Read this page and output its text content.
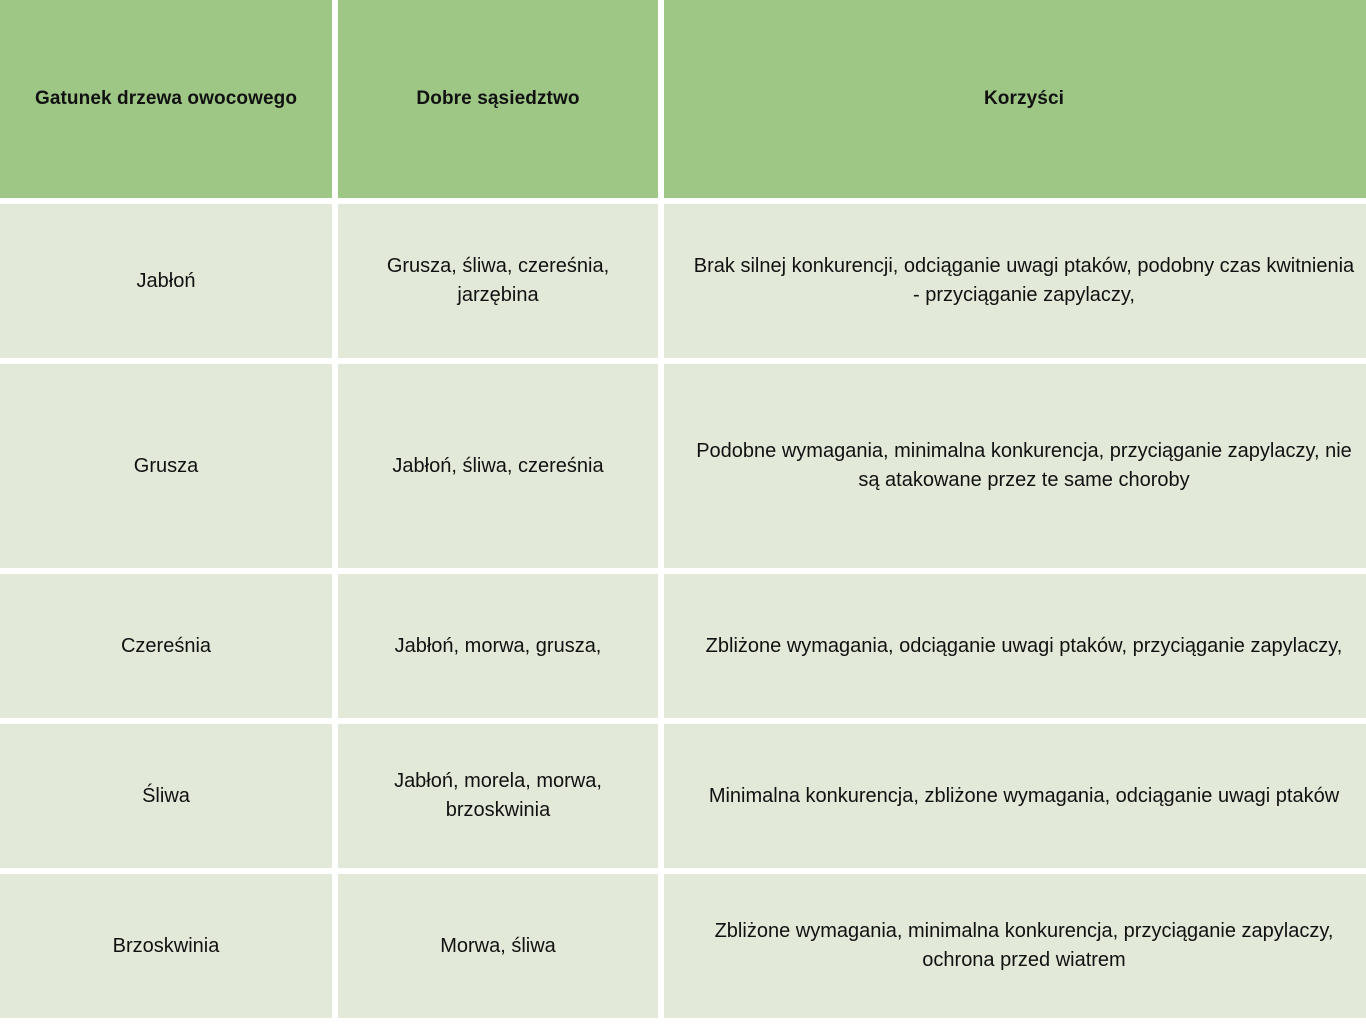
Gatunek drzewa owocowego	Dobre sąsiedztwo	Korzyści

Jabłoń	Grusza, śliwa, czereśnia, jarzębina	Brak silnej konkurencji, odciąganie uwagi ptaków, podobny czas kwitnienia - przyciąganie zapylaczy,

Grusza	Jabłoń, śliwa, czereśnia	Podobne wymagania, minimalna konkurencja, przyciąganie zapylaczy, nie są atakowane przez te same choroby

Czereśnia	Jabłoń, morwa, grusza,	Zbliżone wymagania, odciąganie uwagi ptaków, przyciąganie zapylaczy,

Śliwa	Jabłoń, morela, morwa, brzoskwinia	Minimalna konkurencja, zbliżone wymagania, odciąganie uwagi ptaków

Brzoskwinia	Morwa, śliwa	Zbliżone wymagania, minimalna konkurencja, przyciąganie zapylaczy, ochrona przed wiatrem
